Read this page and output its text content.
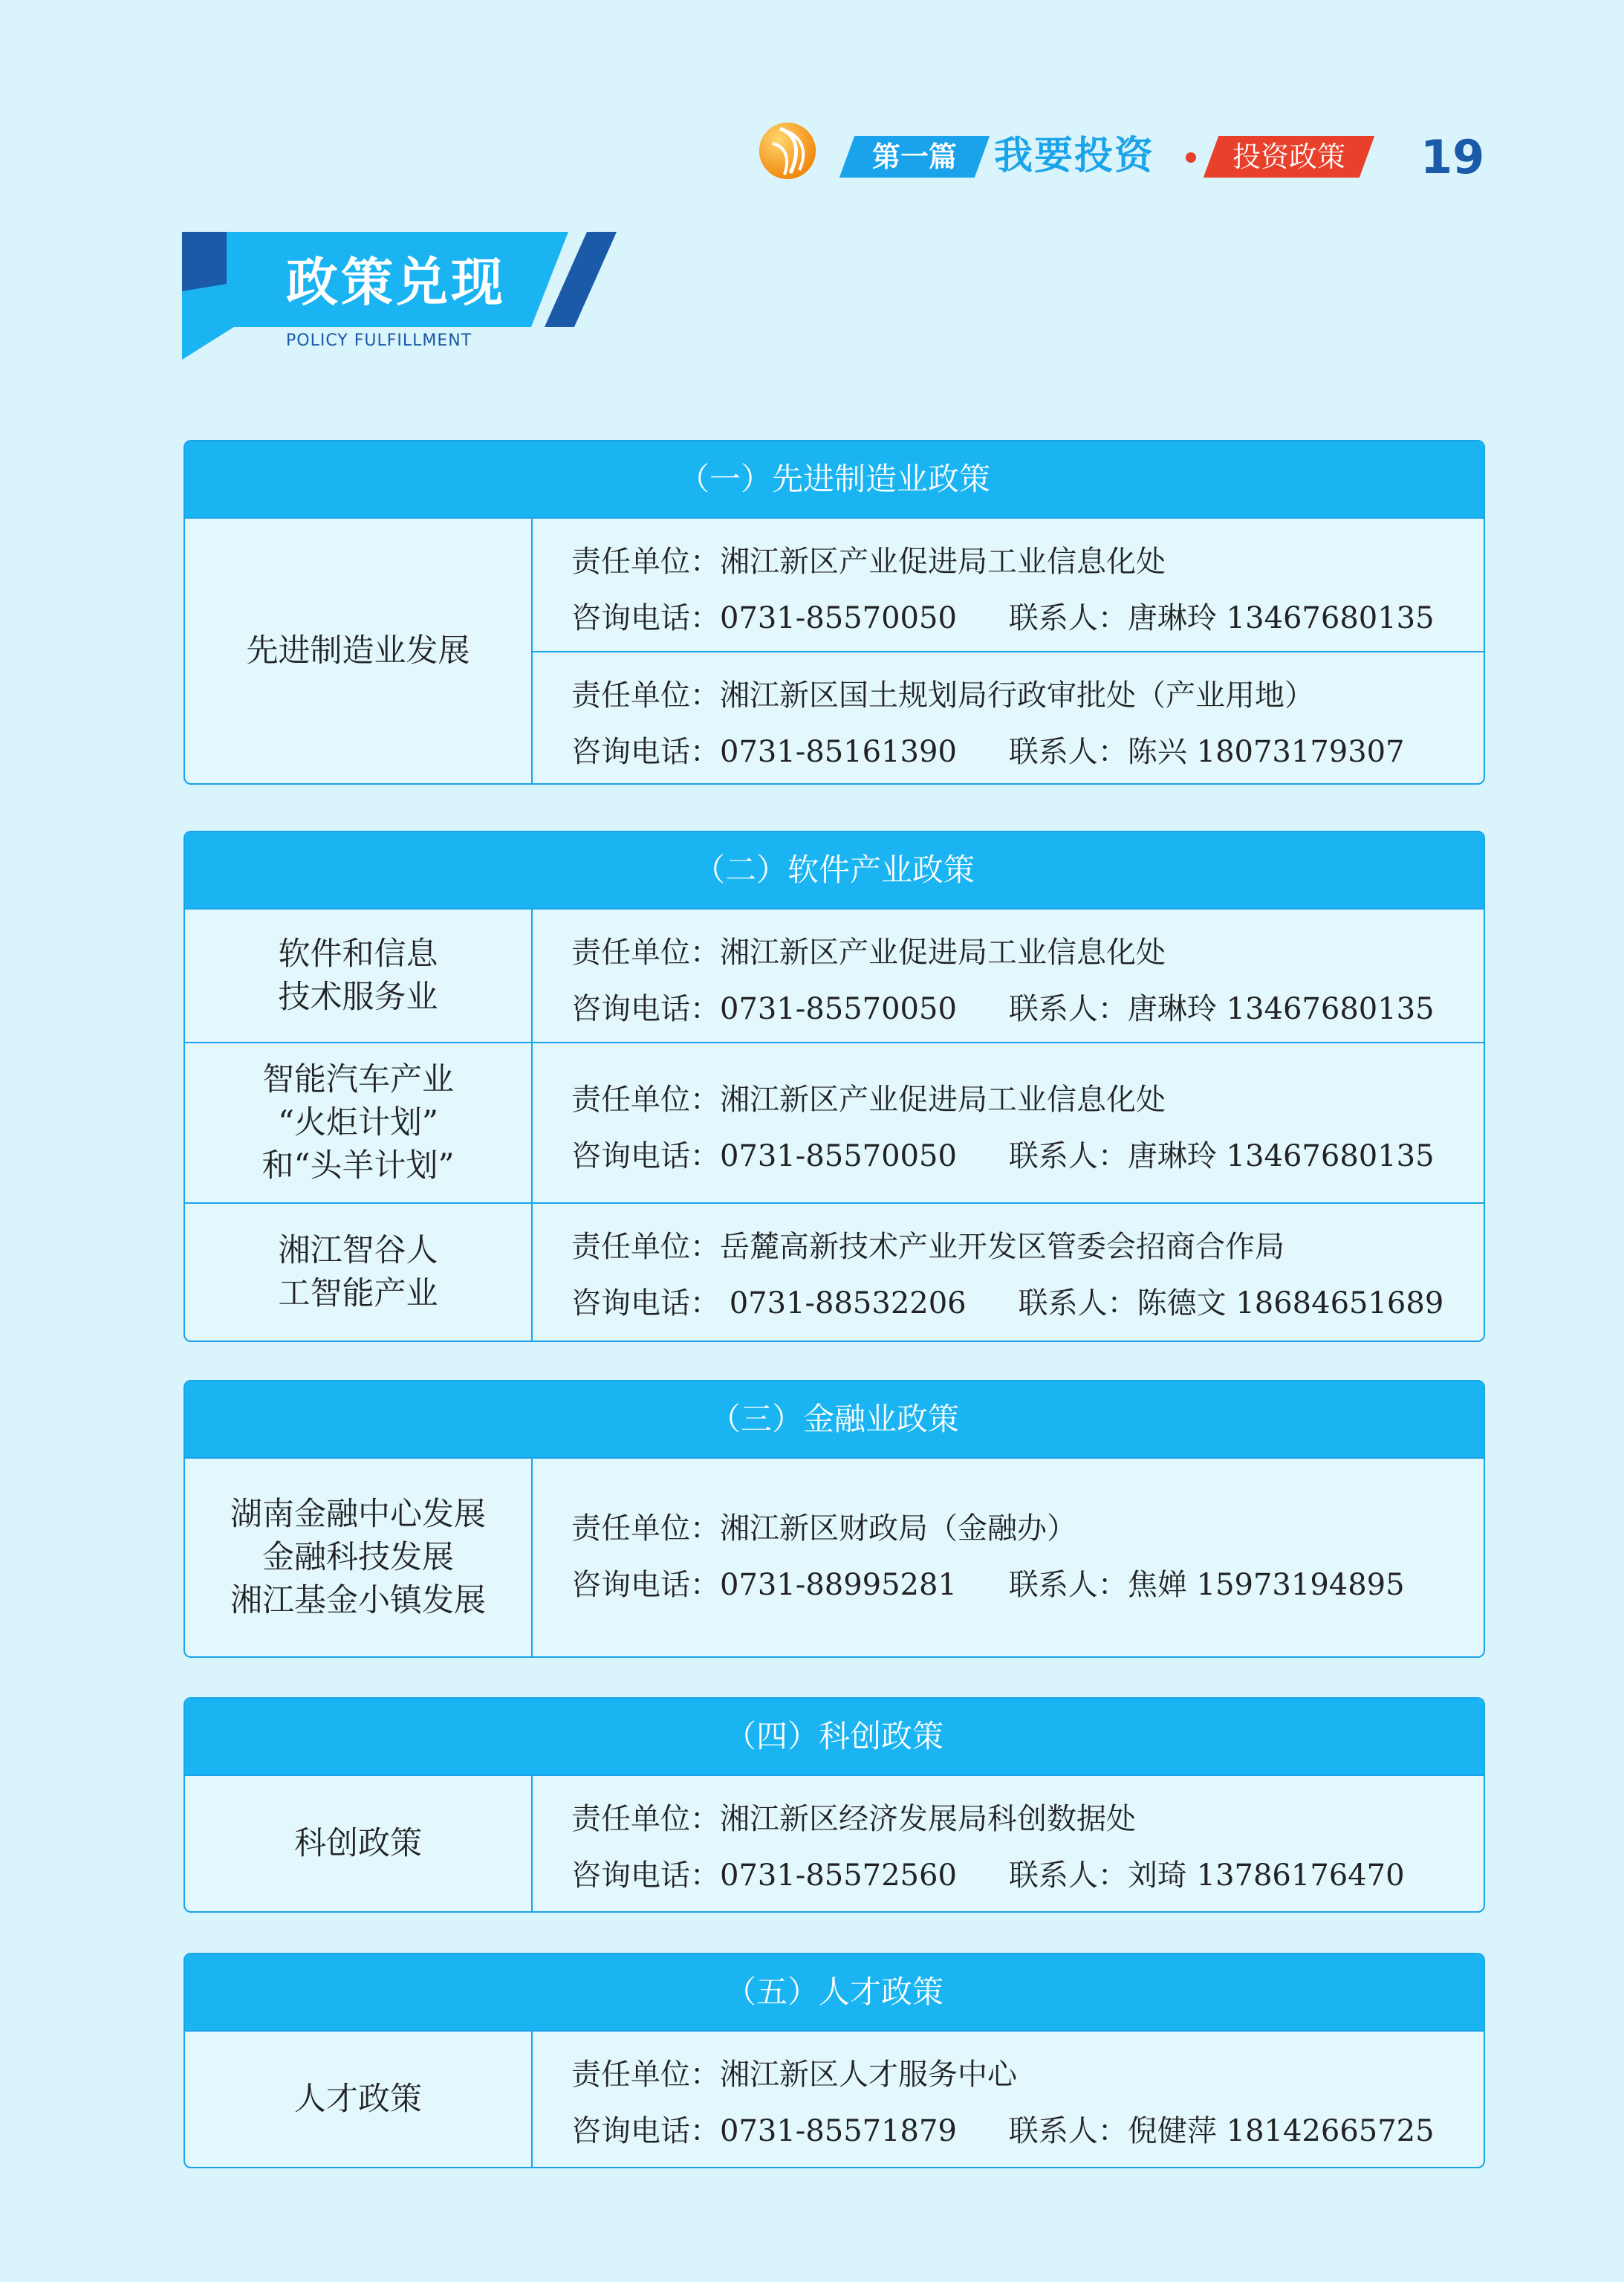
第一篇 我要投资	投资政策	19
政策兑现
POLICY FULFILLMENT
（一）先进制造业政策
先进制造业发展
责任单位：湘江新区产业促进局工业信息化处
咨询电话：0731-85570050 联系人：唐琳玲 13467680135
责任单位：湘江新区国土规划局行政审批处（产业用地）
咨询电话：0731-85161390 联系人：陈兴 18073179307
（二）软件产业政策
软件和信息
技术服务业
责任单位：湘江新区产业促进局工业信息化处
咨询电话：0731-85570050 联系人：唐琳玲 13467680135
智能汽车产业
“火炬计划”
和“头羊计划”
责任单位：湘江新区产业促进局工业信息化处
咨询电话：0731-85570050 联系人：唐琳玲 13467680135
湘江智谷人
工智能产业
责任单位：岳麓高新技术产业开发区管委会招商合作局
咨询电话： 0731-88532206 联系人：陈德文 18684651689
（三）金融业政策
湖南金融中心发展
金融科技发展
湘江基金小镇发展
责任单位：湘江新区财政局（金融办）
咨询电话：0731-88995281 联系人：焦婵 15973194895
（四）科创政策
科创政策
责任单位：湘江新区经济发展局科创数据处
咨询电话：0731-85572560 联系人：刘琦 13786176470
（五）人才政策
人才政策
责任单位：湘江新区人才服务中心
咨询电话：0731-85571879 联系人：倪健萍 18142665725
